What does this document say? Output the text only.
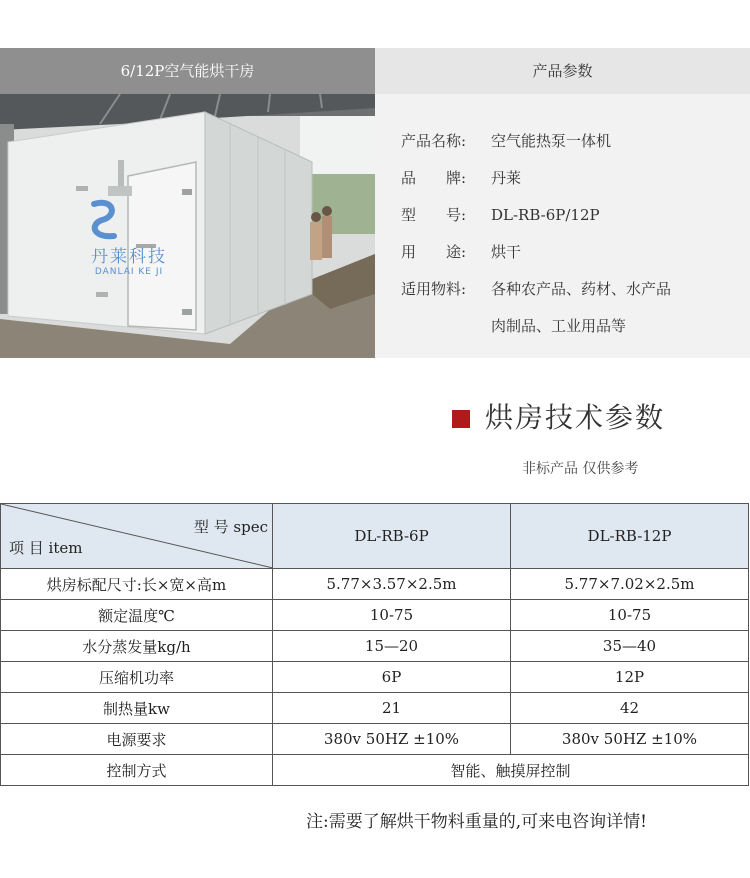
6/12P空气能烘干房	产品参数
丹莱科技
DANLAI KE JI
产品名称: 空气能热泵一体机
品　　牌: 丹莱
型　　号: DL-RB-6P/12P
用　　途: 烘干
适用物料: 各种农产品、药材、水产品
肉制品、工业用品等
烘房技术参数
非标产品 仅供参考
型 号 spec
项 目 item	DL-RB-6P	DL-RB-12P
烘房标配尺寸:长×宽×高m	5.77×3.57×2.5m	5.77×7.02×2.5m
额定温度℃	10-75	10-75
水分蒸发量kg/h	15—20	35—40
压缩机功率	6P	12P
制热量kw	21	42
电源要求	380v 50HZ ±10%	380v 50HZ ±10%
控制方式	智能、触摸屏控制	
注:需要了解烘干物料重量的,可来电咨询详情!
